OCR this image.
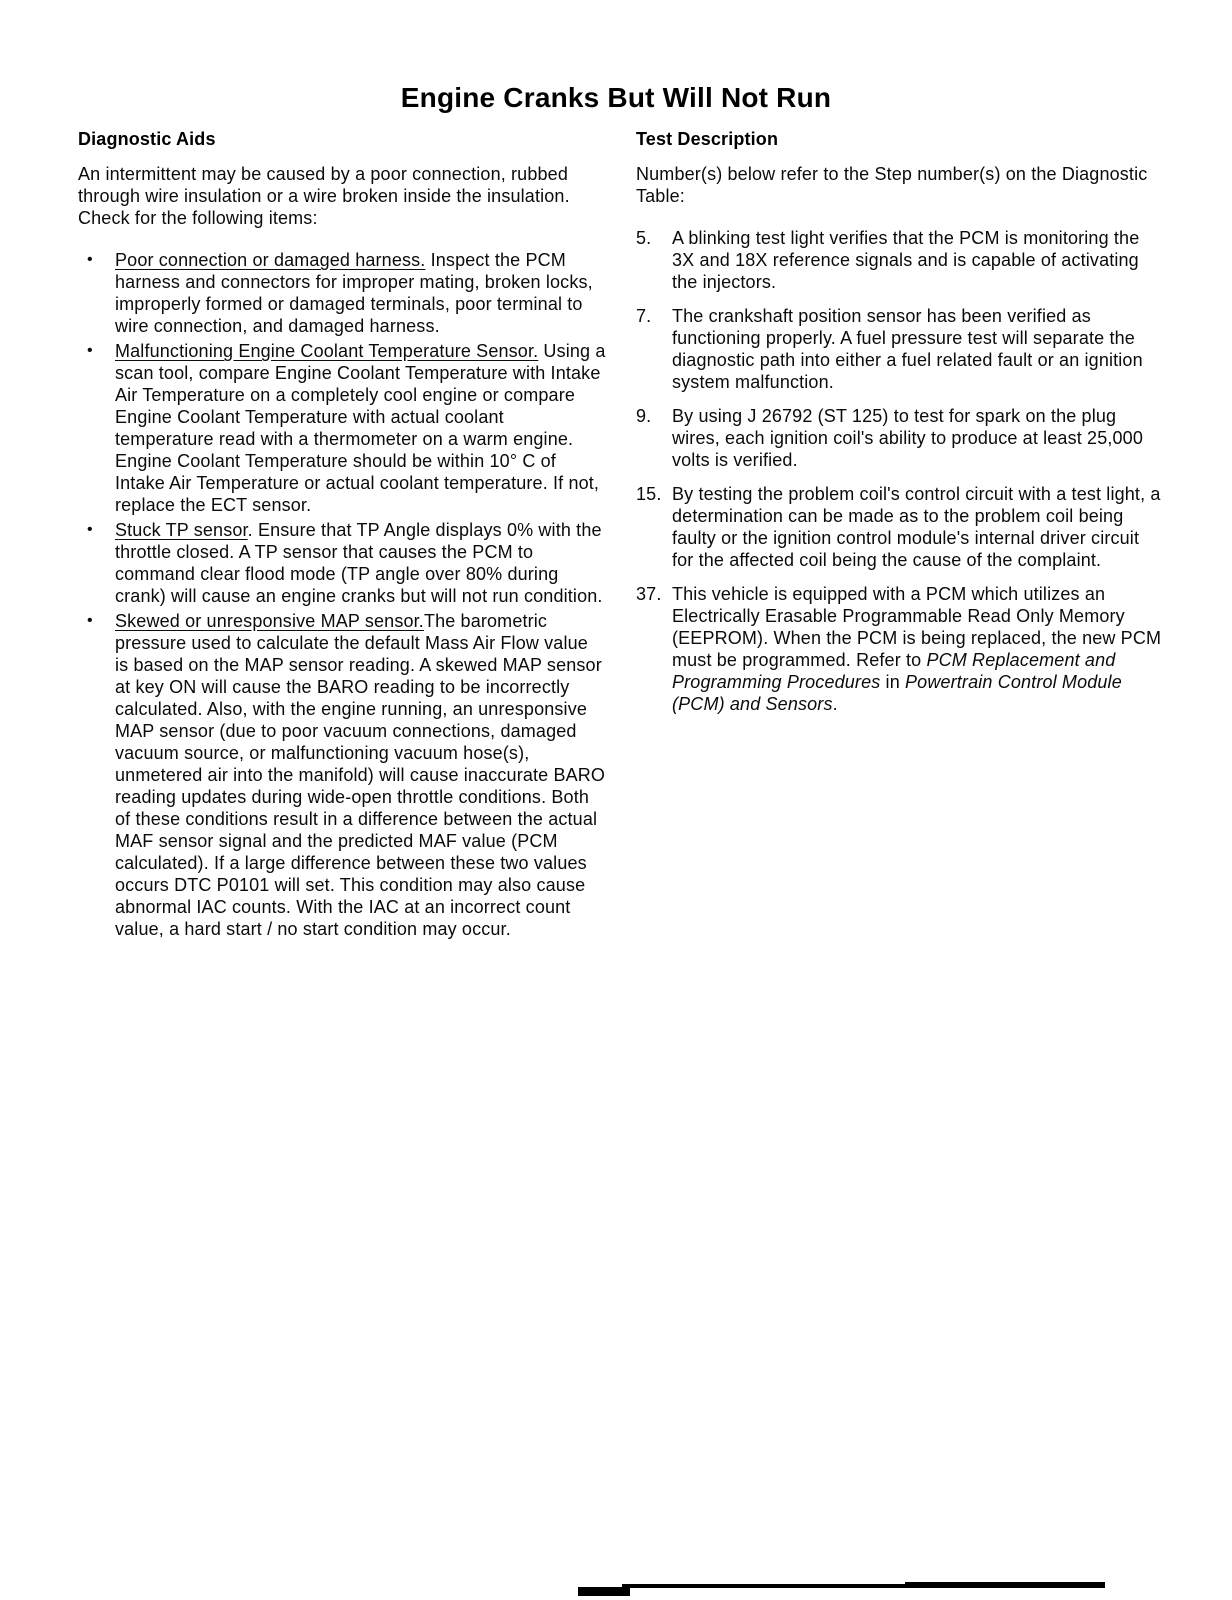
Engine Cranks But Will Not Run
Diagnostic Aids

An intermittent may be caused by a poor connection, rubbed through wire insulation or a wire broken inside the insulation. Check for the following items:

•	Poor connection or damaged harness. Inspect the PCM harness and connectors for improper mating, broken locks, improperly formed or damaged terminals, poor terminal to wire connection, and damaged harness.
•	Malfunctioning Engine Coolant Temperature Sensor. Using a scan tool, compare Engine Coolant Temperature with Intake Air Temperature on a completely cool engine or compare Engine Coolant Temperature with actual coolant temperature read with a thermometer on a warm engine. Engine Coolant Temperature should be within 10° C of Intake Air Temperature or actual coolant temperature. If not, replace the ECT sensor.
•	Stuck TP sensor. Ensure that TP Angle displays 0% with the throttle closed. A TP sensor that causes the PCM to command clear flood mode (TP angle over 80% during crank) will cause an engine cranks but will not run condition.
•	Skewed or unresponsive MAP sensor.The barometric pressure used to calculate the default Mass Air Flow value is based on the MAP sensor reading. A skewed MAP sensor at key ON will cause the BARO reading to be incorrectly calculated. Also, with the engine running, an unresponsive MAP sensor (due to poor vacuum connections, damaged vacuum source, or malfunctioning vacuum hose(s), unmetered air into the manifold) will cause inaccurate BARO reading updates during wide-open throttle conditions. Both of these conditions result in a difference between the actual MAF sensor signal and the predicted MAF value (PCM calculated). If a large difference between these two values occurs DTC P0101 will set. This condition may also cause abnormal IAC counts. With the IAC at an incorrect count value, a hard start / no start condition may occur.
Test Description

Number(s) below refer to the Step number(s) on the Diagnostic Table:

5.	A blinking test light verifies that the PCM is monitoring the 3X and 18X reference signals and is capable of activating the injectors.
7.	The crankshaft position sensor has been verified as functioning properly. A fuel pressure test will separate the diagnostic path into either a fuel related fault or an ignition system malfunction.
9.	By using J 26792 (ST 125) to test for spark on the plug wires, each ignition coil's ability to produce at least 25,000 volts is verified.
15. By testing the problem coil's control circuit with a test light, a determination can be made as to the problem coil being faulty or the ignition control module's internal driver circuit for the affected coil being the cause of the complaint.
37. This vehicle is equipped with a PCM which utilizes an Electrically Erasable Programmable Read Only Memory (EEPROM). When the PCM is being replaced, the new PCM must be programmed. Refer to PCM Replacement and Programming Procedures in Powertrain Control Module (PCM) and Sensors.
